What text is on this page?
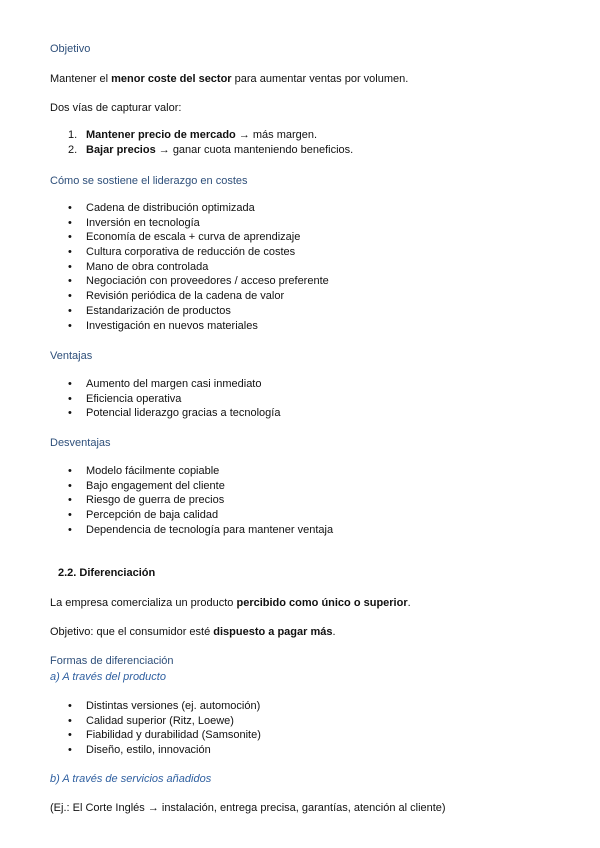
Objetivo
Mantener el menor coste del sector para aumentar ventas por volumen.
Dos vías de capturar valor:
1. Mantener precio de mercado → más margen.
2. Bajar precios → ganar cuota manteniendo beneficios.
Cómo se sostiene el liderazgo en costes
• Cadena de distribución optimizada
• Inversión en tecnología
• Economía de escala + curva de aprendizaje
• Cultura corporativa de reducción de costes
• Mano de obra controlada
• Negociación con proveedores / acceso preferente
• Revisión periódica de la cadena de valor
• Estandarización de productos
• Investigación en nuevos materiales
Ventajas
• Aumento del margen casi inmediato
• Eficiencia operativa
• Potencial liderazgo gracias a tecnología
Desventajas
• Modelo fácilmente copiable
• Bajo engagement del cliente
• Riesgo de guerra de precios
• Percepción de baja calidad
• Dependencia de tecnología para mantener ventaja
2.2. Diferenciación
La empresa comercializa un producto percibido como único o superior.
Objetivo: que el consumidor esté dispuesto a pagar más.
Formas de diferenciación
a) A través del producto
• Distintas versiones (ej. automoción)
• Calidad superior (Ritz, Loewe)
• Fiabilidad y durabilidad (Samsonite)
• Diseño, estilo, innovación
b) A través de servicios añadidos
(Ej.: El Corte Inglés → instalación, entrega precisa, garantías, atención al cliente)
